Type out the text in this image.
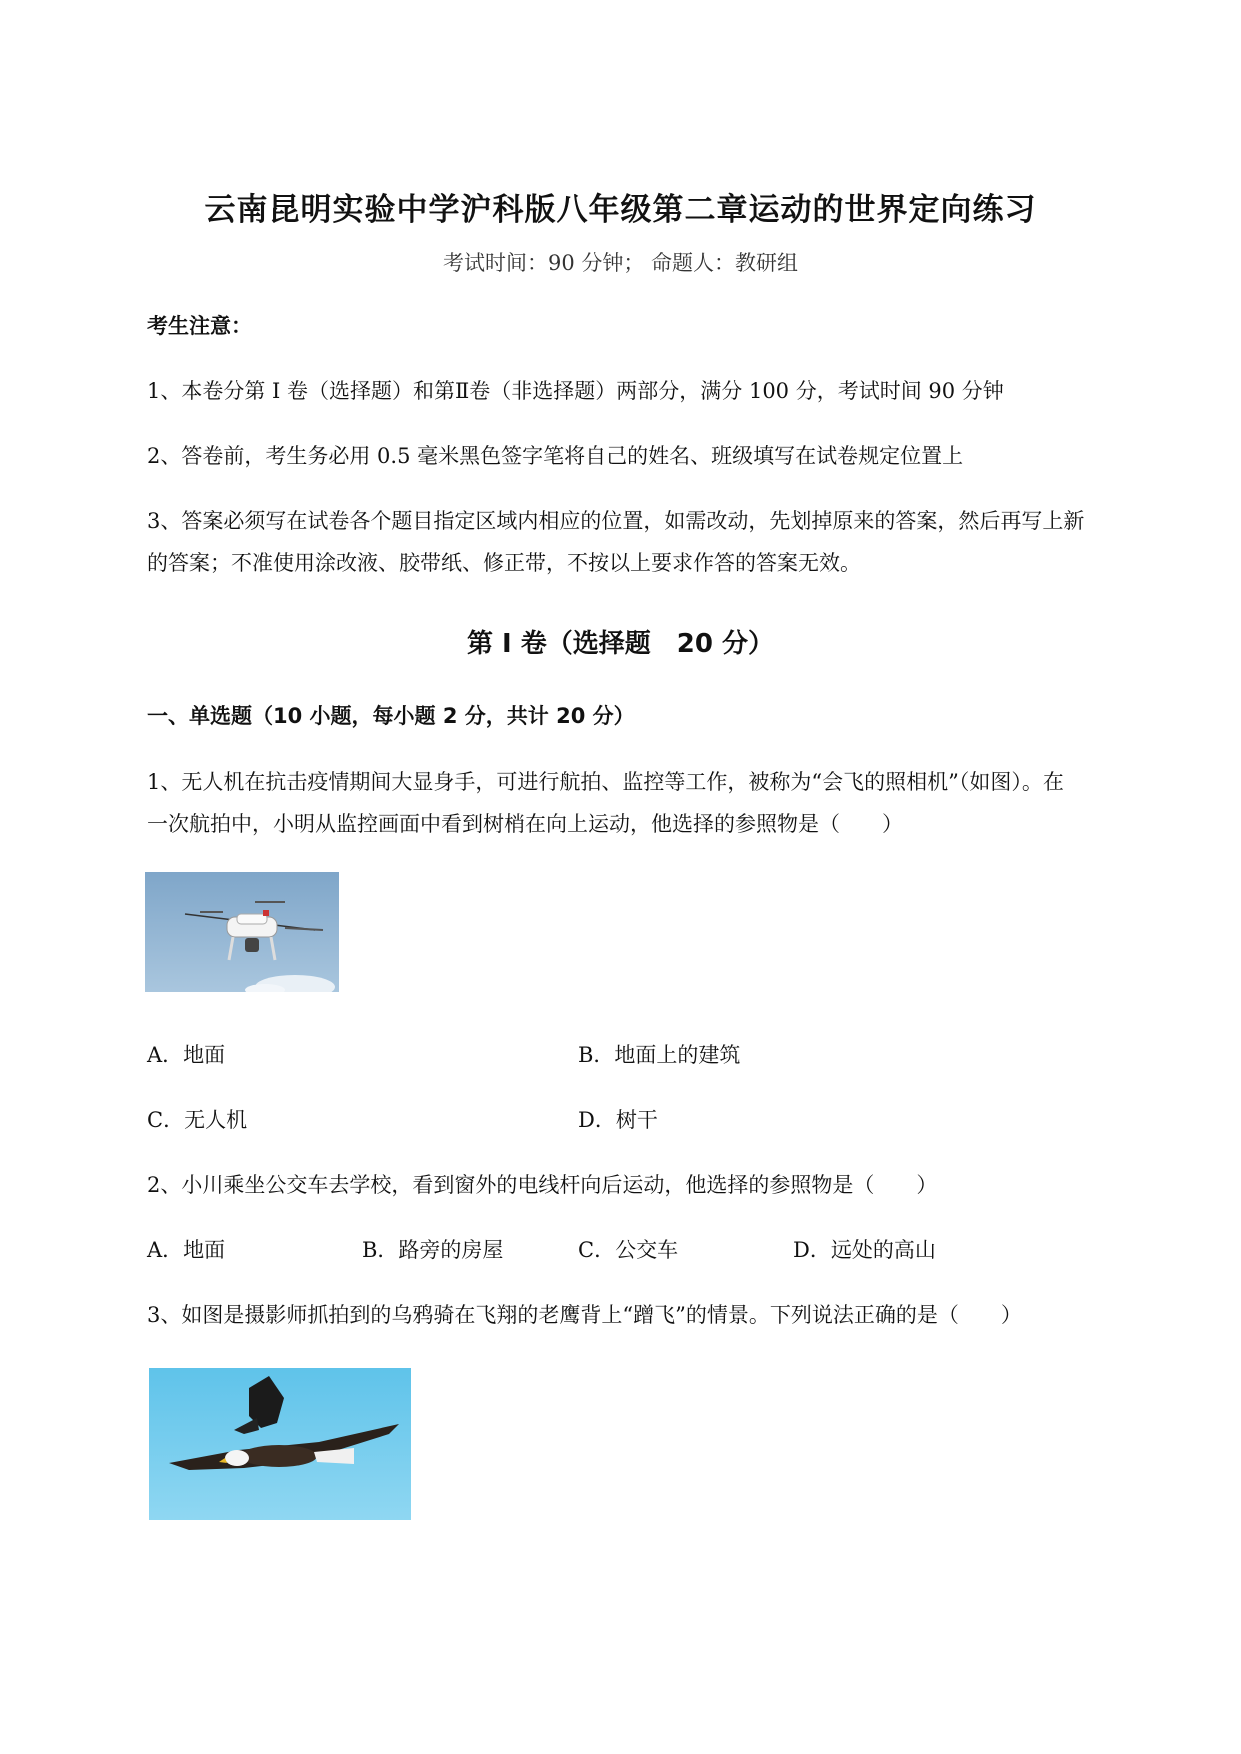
云南昆明实验中学沪科版八年级第二章运动的世界定向练习
考试时间：90 分钟； 命题人：教研组
考生注意：
1、本卷分第 I 卷（选择题）和第Ⅱ卷（非选择题）两部分，满分 100 分，考试时间 90 分钟
2、答卷前，考生务必用 0.5 毫米黑色签字笔将自己的姓名、班级填写在试卷规定位置上
3、答案必须写在试卷各个题目指定区域内相应的位置，如需改动，先划掉原来的答案，然后再写上新
的答案；不准使用涂改液、胶带纸、修正带，不按以上要求作答的答案无效。
第 I 卷（选择题　20 分）
一、单选题（10 小题，每小题 2 分，共计 20 分）
1、无人机在抗击疫情期间大显身手，可进行航拍、监控等工作，被称为“会飞的照相机”（如图）。在
一次航拍中，小明从监控画面中看到树梢在向上运动，他选择的参照物是（　　）
A．地面	B．地面上的建筑
C．无人机	D．树干
2、小川乘坐公交车去学校，看到窗外的电线杆向后运动，他选择的参照物是（　　）
A．地面	B．路旁的房屋	C．公交车	D．远处的高山
3、如图是摄影师抓拍到的乌鸦骑在飞翔的老鹰背上“蹭飞”的情景。下列说法正确的是（　　）
